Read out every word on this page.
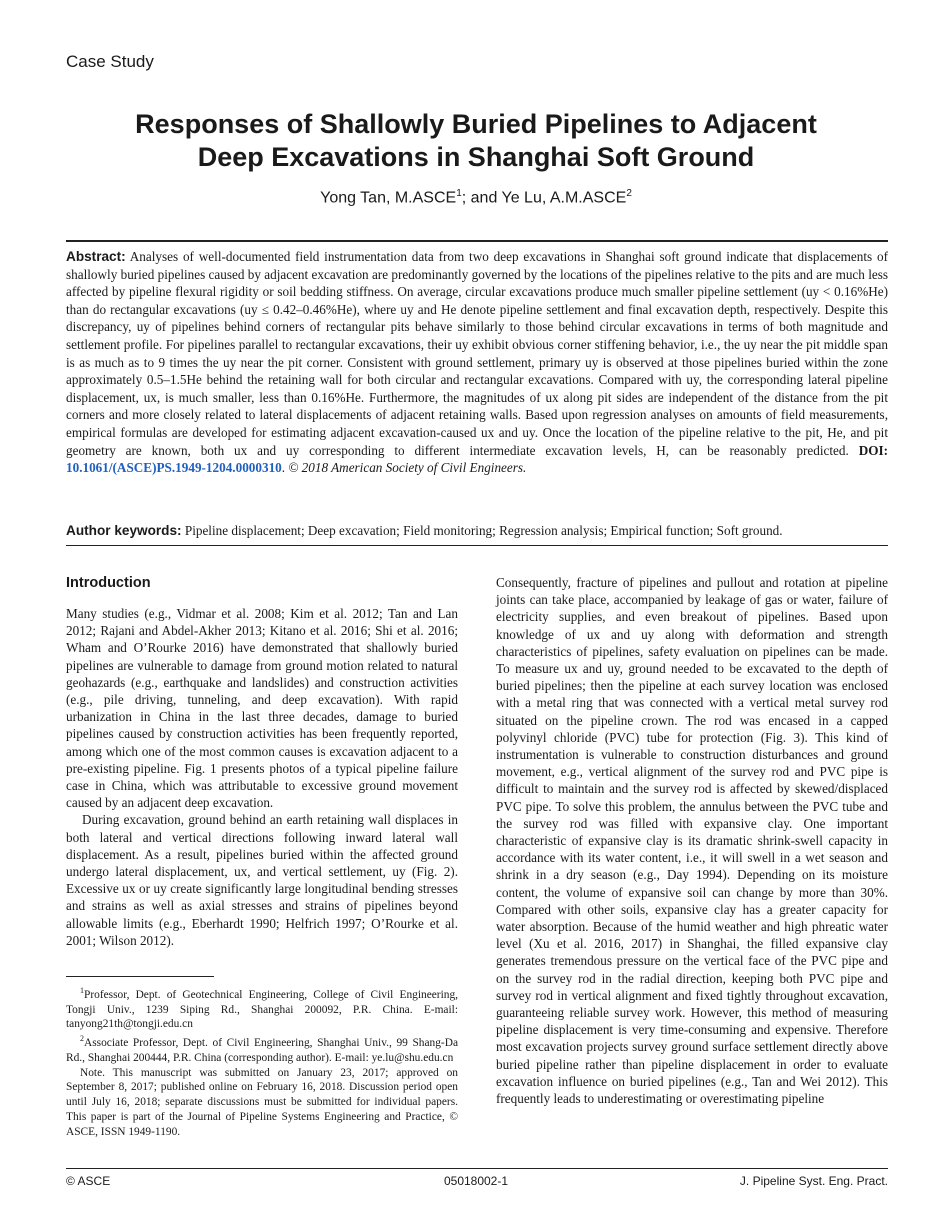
Case Study
Responses of Shallowly Buried Pipelines to Adjacent
Deep Excavations in Shanghai Soft Ground
Yong Tan, M.ASCE$^1$; and Ye Lu, A.M.ASCE$^2$
Abstract: Analyses of well-documented field instrumentation data from two deep excavations in Shanghai soft ground indicate that displacements of shallowly buried pipelines caused by adjacent excavation are predominantly governed by the locations of the pipelines relative to the pits and are much less affected by pipeline flexural rigidity or soil bedding stiffness. On average, circular excavations produce much smaller pipeline settlement (uy < 0.16%He) than do rectangular excavations (uy ≤ 0.42–0.46%He), where uy and He denote pipeline settlement and final excavation depth, respectively. Despite this discrepancy, uy of pipelines behind corners of rectangular pits behave similarly to those behind circular excavations in terms of both magnitude and settlement profile. For pipelines parallel to rectangular excavations, their uy exhibit obvious corner stiffening behavior, i.e., the uy near the pit middle span is as much as to 9 times the uy near the pit corner. Consistent with ground settlement, primary uy is observed at those pipelines buried within the zone approximately 0.5–1.5He behind the retaining wall for both circular and rectangular excavations. Compared with uy, the corresponding lateral pipeline displacement, ux, is much smaller, less than 0.16%He. Furthermore, the magnitudes of ux along pit sides are independent of the distance from the pit corners and more closely related to lateral displacements of adjacent retaining walls. Based upon regression analyses on amounts of field measurements, empirical formulas are developed for estimating adjacent excavation-caused ux and uy. Once the location of the pipeline relative to the pit, He, and pit geometry are known, both ux and uy corresponding to different intermediate excavation levels, H, can be reasonably predicted. DOI: 10.1061/(ASCE)PS.1949-1204.0000310. © 2018 American Society of Civil Engineers.
Author keywords: Pipeline displacement; Deep excavation; Field monitoring; Regression analysis; Empirical function; Soft ground.
Introduction

Many studies (e.g., Vidmar et al. 2008; Kim et al. 2012; Tan and Lan 2012; Rajani and Abdel-Akher 2013; Kitano et al. 2016; Shi et al. 2016; Wham and O’Rourke 2016) have demonstrated that shallowly buried pipelines are vulnerable to damage from ground motion related to natural geohazards (e.g., earthquake and landslides) and construction activities (e.g., pile driving, tunneling, and deep excavation). With rapid urbanization in China in the last three decades, damage to buried pipelines caused by construction activities has been frequently reported, among which one of the most common causes is excavation adjacent to a pre-existing pipeline. Fig. 1 presents photos of a typical pipeline failure case in China, which was attributable to excessive ground movement caused by an adjacent deep excavation.

During excavation, ground behind an earth retaining wall displaces in both lateral and vertical directions following inward lateral wall displacement. As a result, pipelines buried within the affected ground undergo lateral displacement, ux, and vertical settlement, uy (Fig. 2). Excessive ux or uy create significantly large longitudinal bending stresses and strains as well as axial stresses and strains of pipelines beyond allowable limits (e.g., Eberhardt 1990; Helfrich 1997; O’Rourke et al. 2001; Wilson 2012).

$^1$Professor, Dept. of Geotechnical Engineering, College of Civil Engineering, Tongji Univ., 1239 Siping Rd., Shanghai 200092, P.R. China. E-mail: tanyong21th@tongji.edu.cn

$^2$Associate Professor, Dept. of Civil Engineering, Shanghai Univ., 99 Shang-Da Rd., Shanghai 200444, P.R. China (corresponding author). E-mail: ye.lu@shu.edu.cn

Note. This manuscript was submitted on January 23, 2017; approved on September 8, 2017; published online on February 16, 2018. Discussion period open until July 16, 2018; separate discussions must be submitted for individual papers. This paper is part of the Journal of Pipeline Systems Engineering and Practice, © ASCE, ISSN 1949-1190.

Consequently, fracture of pipelines and pullout and rotation at pipeline joints can take place, accompanied by leakage of gas or water, failure of electricity supplies, and even breakout of pipelines. Based upon knowledge of ux and uy along with deformation and strength characteristics of pipelines, safety evaluation on pipelines can be made. To measure ux and uy, ground needed to be excavated to the depth of buried pipelines; then the pipeline at each survey location was enclosed with a metal ring that was connected with a vertical metal survey rod situated on the pipeline crown. The rod was encased in a capped polyvinyl chloride (PVC) tube for protection (Fig. 3). This kind of instrumentation is vulnerable to construction disturbances and ground movement, e.g., vertical alignment of the survey rod and PVC pipe is difficult to maintain and the survey rod is affected by skewed/displaced PVC pipe. To solve this problem, the annulus between the PVC tube and the survey rod was filled with expansive clay. One important characteristic of expansive clay is its dramatic shrink-swell capacity in accordance with its water content, i.e., it will swell in a wet season and shrink in a dry season (e.g., Day 1994). Depending on its moisture content, the volume of expansive soil can change by more than 30%. Compared with other soils, expansive clay has a greater capacity for water absorption. Because of the humid weather and high phreatic water level (Xu et al. 2016, 2017) in Shanghai, the filled expansive clay generates tremendous pressure on the vertical face of the PVC pipe and on the survey rod in the radial direction, keeping both PVC pipe and survey rod in vertical alignment and fixed tightly throughout excavation, guaranteeing reliable survey work. However, this method of measuring pipeline displacement is very time-consuming and expensive. Therefore most excavation projects survey ground surface settlement directly above buried pipeline rather than pipeline displacement in order to evaluate excavation influence on buried pipelines (e.g., Tan and Wei 2012). This frequently leads to underestimating or overestimating pipeline

© ASCE	05018002-1	J. Pipeline Syst. Eng. Pract.
